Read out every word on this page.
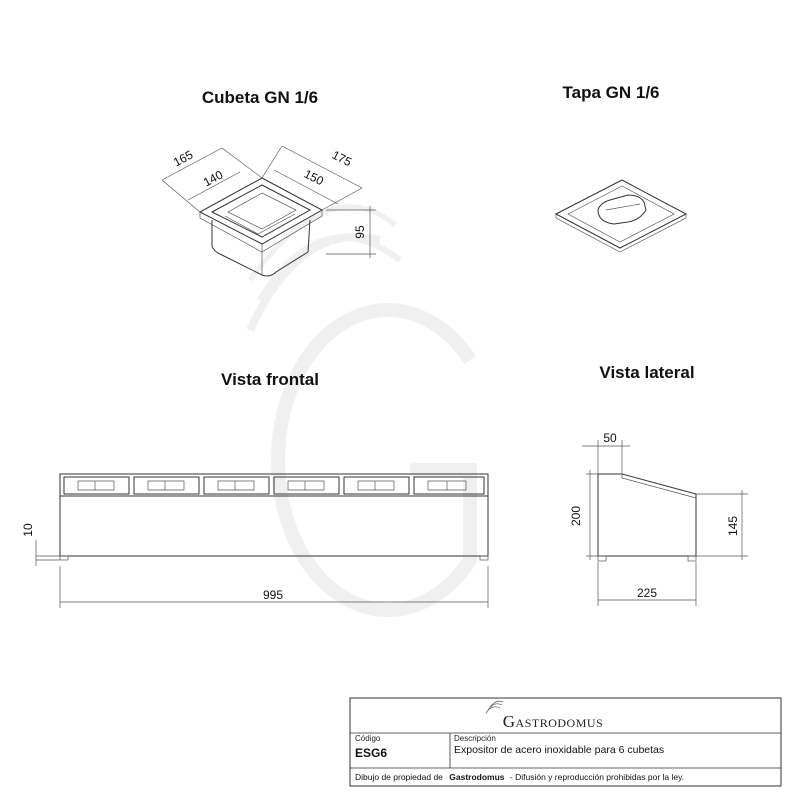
Cubeta GN 1/6	Tapa GN 1/6
Vista frontal	Vista lateral
165
140
175
150
95
10
995
50
200	145
225
Gastrodomus
Código
ESG6
Descripción
Expositor de acero inoxidable para 6 cubetas
Dibujo de propiedad de Gastrodomus - Difusión y reproducción prohibidas por la ley.
